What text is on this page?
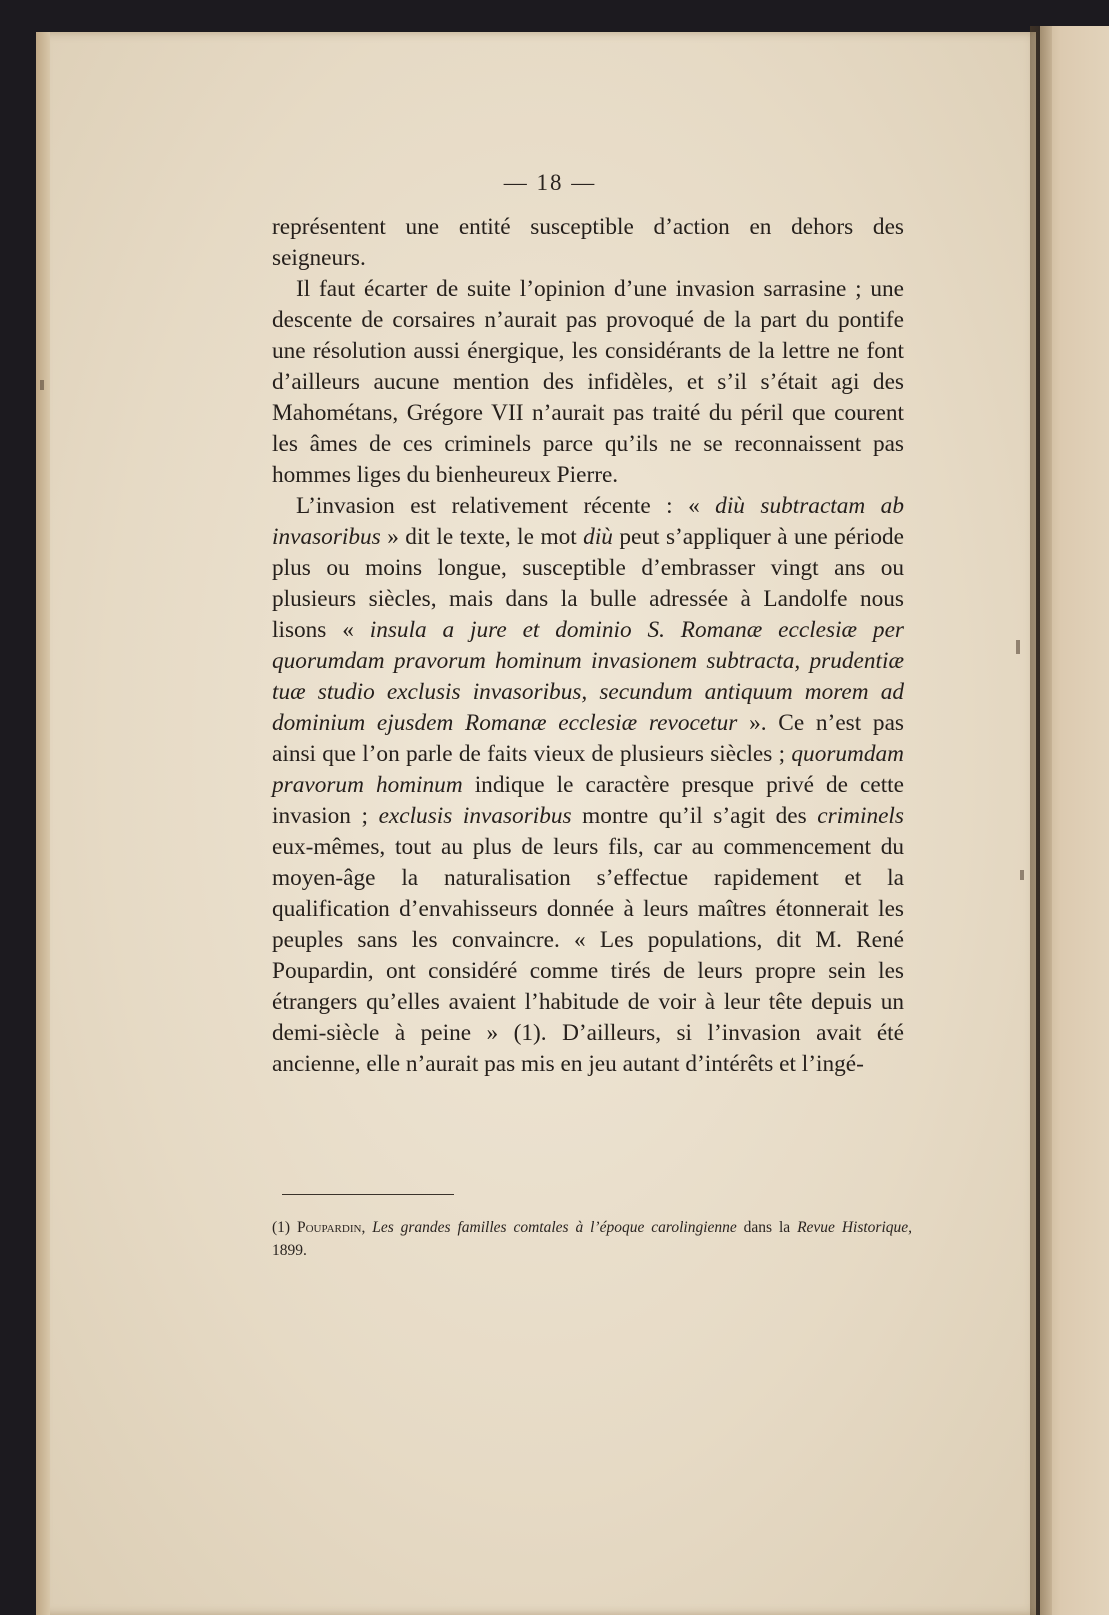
— 18 —

représentent une entité susceptible d’action en dehors des seigneurs.

Il faut écarter de suite l’opinion d’une invasion sarrasine ; une descente de corsaires n’aurait pas provoqué de la part du pontife une résolution aussi énergique, les considérants de la lettre ne font d’ailleurs aucune mention des infidèles, et s’il s’était agi des Mahométans, Grégore VII n’aurait pas traité du péril que courent les âmes de ces criminels parce qu’ils ne se reconnaissent pas hommes liges du bienheureux Pierre.

L’invasion est relativement récente : « diù subtractam ab invasoribus » dit le texte, le mot diù peut s’appliquer à une période plus ou moins longue, susceptible d’embrasser vingt ans ou plusieurs siècles, mais dans la bulle adressée à Landolfe nous lisons « insula a jure et dominio S. Romanæ ecclesiæ per quorumdam pravorum hominum invasionem subtracta, prudentiæ tuæ studio exclusis invasoribus, secundum antiquum morem ad dominium ejusdem Romanæ ecclesiæ revocetur ». Ce n’est pas ainsi que l’on parle de faits vieux de plusieurs siècles ; quorumdam pravorum hominum indique le caractère presque privé de cette invasion ; exclusis invasoribus montre qu’il s’agit des criminels eux-mêmes, tout au plus de leurs fils, car au commencement du moyen-âge la naturalisation s’effectue rapidement et la qualification d’envahisseurs donnée à leurs maîtres étonnerait les peuples sans les convaincre. « Les populations, dit M. René Poupardin, ont considéré comme tirés de leurs propre sein les étrangers qu’elles avaient l’habitude de voir à leur tête depuis un demi-siècle à peine » (1). D’ailleurs, si l’invasion avait été ancienne, elle n’aurait pas mis en jeu autant d’intérêts et l’ingé-

(1) Poupardin, Les grandes familles comtales à l’époque carolingienne dans la Revue Historique, 1899.
